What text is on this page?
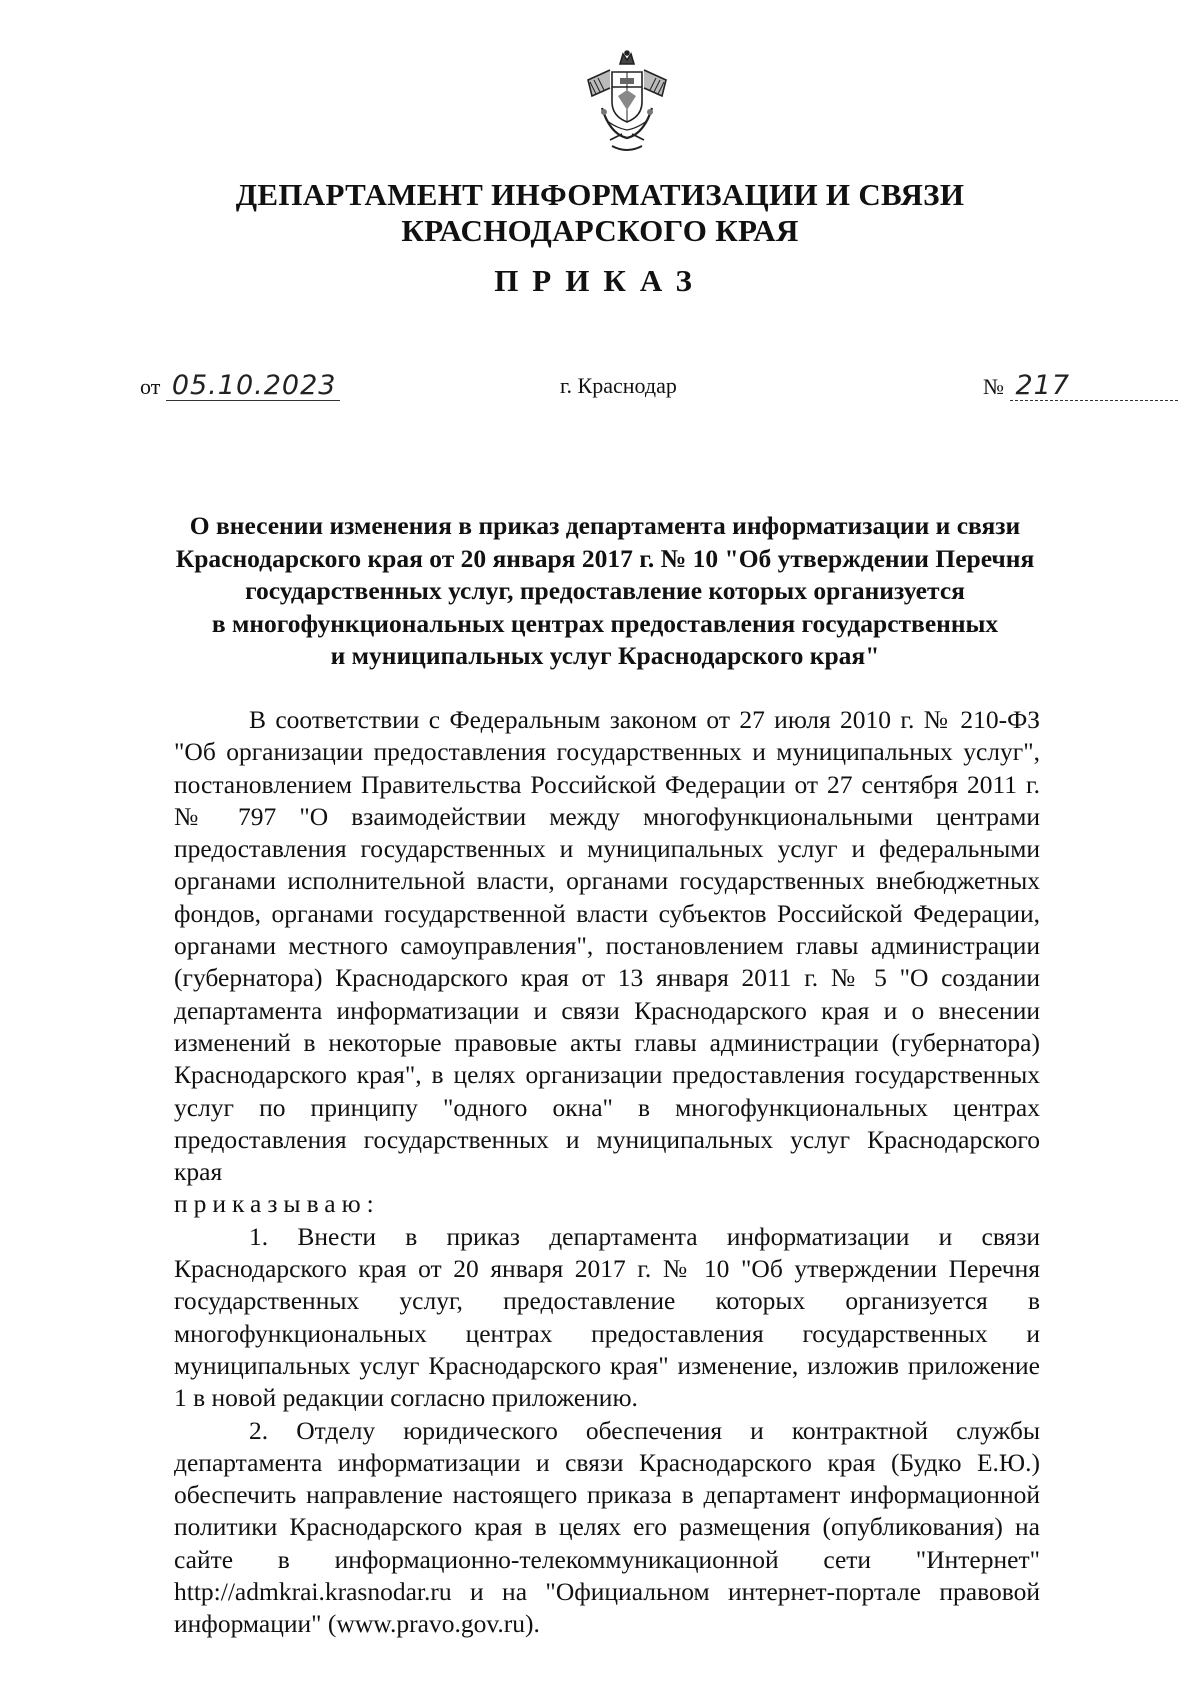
ДЕПАРТАМЕНТ ИНФОРМАТИЗАЦИИ И СВЯЗИ
КРАСНОДАРСКОГО КРАЯ
ПРИКАЗ
от 05.10.2023	г. Краснодар	№ 217
О внесении изменения в приказ департамента информатизации и связи
Краснодарского края от 20 января 2017 г. № 10 "Об утверждении Перечня
государственных услуг, предоставление которых организуется
в многофункциональных центрах предоставления государственных
и муниципальных услуг Краснодарского края"

В соответствии с Федеральным законом от 27 июля 2010 г. № 210-ФЗ "Об организации предоставления государственных и муниципальных услуг", постановлением Правительства Российской Федерации от 27 сентября 2011 г. № 797 "О взаимодействии между многофункциональными центрами предоставления государственных и муниципальных услуг и федеральными органами исполнительной власти, органами государственных внебюджетных фондов, органами государственной власти субъектов Российской Федерации, органами местного самоуправления", постановлением главы администрации (губернатора) Краснодарского края от 13 января 2011 г. № 5 "О создании департамента информатизации и связи Краснодарского края и о внесении изменений в некоторые правовые акты главы администрации (губернатора) Краснодарского края", в целях организации предоставления государственных услуг по принципу "одного окна" в многофункциональных центрах предоставления государственных и муниципальных услуг Краснодарского края

приказываю:

1. Внести в приказ департамента информатизации и связи Краснодарского края от 20 января 2017 г. № 10 "Об утверждении Перечня государственных услуг, предоставление которых организуется в многофункциональных центрах предоставления государственных и муниципальных услуг Краснодарского края" изменение, изложив приложение 1 в новой редакции согласно приложению.

2. Отделу юридического обеспечения и контрактной службы департамента информатизации и связи Краснодарского края (Будко Е.Ю.) обеспечить направление настоящего приказа в департамент информационной политики Краснодарского края в целях его размещения (опубликования) на сайте в информационно-телекоммуникационной сети "Интернет" http://admkrai.krasnodar.ru и на "Официальном интернет-портале правовой информации" (www.pravo.gov.ru).
